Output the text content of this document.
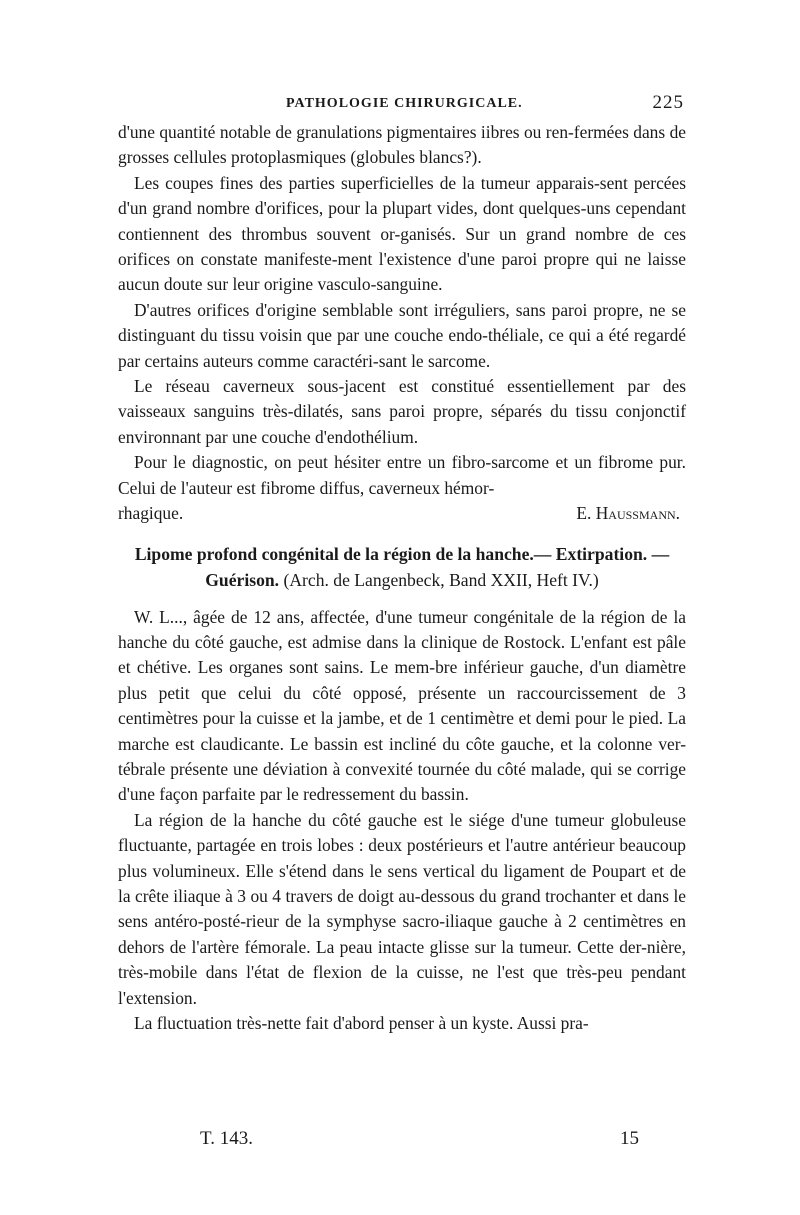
PATHOLOGIE CHIRURGICALE.	225

d'une quantité notable de granulations pigmentaires iibres ou ren-fermées dans de grosses cellules protoplasmiques (globules blancs?).

Les coupes fines des parties superficielles de la tumeur apparais-sent percées d'un grand nombre d'orifices, pour la plupart vides, dont quelques-uns cependant contiennent des thrombus souvent or-ganisés. Sur un grand nombre de ces orifices on constate manifeste-ment l'existence d'une paroi propre qui ne laisse aucun doute sur leur origine vasculo-sanguine.

D'autres orifices d'origine semblable sont irréguliers, sans paroi propre, ne se distinguant du tissu voisin que par une couche endo-théliale, ce qui a été regardé par certains auteurs comme caractéri-sant le sarcome.

Le réseau caverneux sous-jacent est constitué essentiellement par des vaisseaux sanguins très-dilatés, sans paroi propre, séparés du tissu conjonctif environnant par une couche d'endothélium.

Pour le diagnostic, on peut hésiter entre un fibro-sarcome et un fibrome pur. Celui de l'auteur est fibrome diffus, caverneux hémor-

rhagique.	E. Haussmann.
Lipome profond congénital de la région de la hanche.— Extirpation. — Guérison. (Arch. de Langenbeck, Band XXII, Heft IV.)

W. L..., âgée de 12 ans, affectée, d'une tumeur congénitale de la région de la hanche du côté gauche, est admise dans la clinique de Rostock. L'enfant est pâle et chétive. Les organes sont sains. Le mem-bre inférieur gauche, d'un diamètre plus petit que celui du côté opposé, présente un raccourcissement de 3 centimètres pour la cuisse et la jambe, et de 1 centimètre et demi pour le pied. La marche est claudicante. Le bassin est incliné du côte gauche, et la colonne ver-tébrale présente une déviation à convexité tournée du côté malade, qui se corrige d'une façon parfaite par le redressement du bassin.

La région de la hanche du côté gauche est le siége d'une tumeur globuleuse fluctuante, partagée en trois lobes : deux postérieurs et l'autre antérieur beaucoup plus volumineux. Elle s'étend dans le sens vertical du ligament de Poupart et de la crête iliaque à 3 ou 4 travers de doigt au-dessous du grand trochanter et dans le sens antéro-posté-rieur de la symphyse sacro-iliaque gauche à 2 centimètres en dehors de l'artère fémorale. La peau intacte glisse sur la tumeur. Cette der-nière, très-mobile dans l'état de flexion de la cuisse, ne l'est que très-peu pendant l'extension.

La fluctuation très-nette fait d'abord penser à un kyste. Aussi pra-

T. 143.	15
